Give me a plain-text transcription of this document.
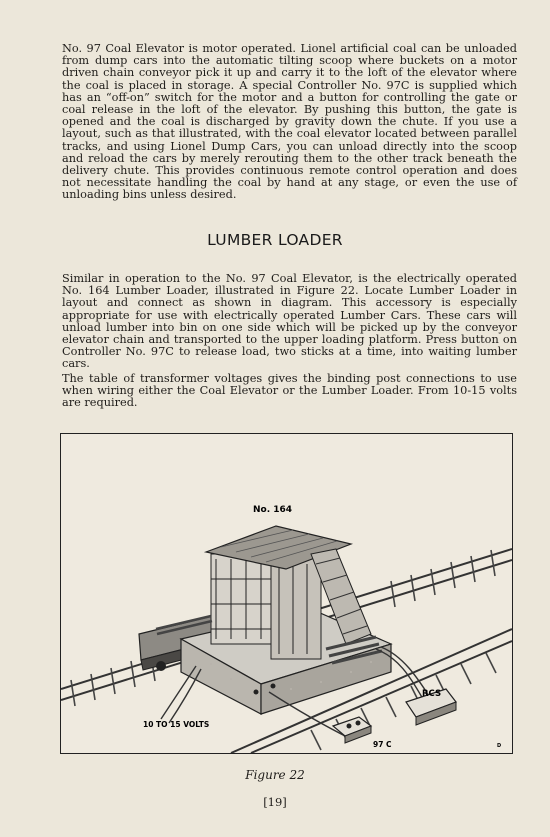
No. 97 Coal Elevator is motor operated. Lionel artificial coal can be unloaded from dump cars into the automatic tilting scoop where buckets on a motor driven chain conveyor pick it up and carry it to the loft of the elevator where the coal is placed in storage. A special Controller No. 97C is supplied which has an “off-on” switch for the motor and a button for controlling the gate or coal release in the loft of the elevator. By pushing this button, the gate is opened and the coal is discharged by gravity down the chute. If you use a layout, such as that illustrated, with the coal elevator located between parallel tracks, and using Lionel Dump Cars, you can unload directly into the scoop and reload the cars by merely rerouting them to the other track beneath the delivery chute. This provides continuous remote control operation and does not necessitate handling the coal by hand at any stage, or even the use of unloading bins unless desired.

LUMBER LOADER

Similar in operation to the No. 97 Coal Elevator, is the electrically operated No. 164 Lumber Loader, illustrated in Figure 22. Locate Lumber Loader in layout and connect as shown in diagram. This accessory is especially appropriate for use with electrically operated Lumber Cars. These cars will unload lumber into bin on one side which will be picked up by the conveyor elevator chain and transported to the upper loading platform. Press button on Controller No. 97C to release load, two sticks at a time, into waiting lumber cars.

The table of transformer voltages gives the binding post connections to use when wiring either the Coal Elevator or the Lumber Loader. From 10-15 volts are required.

No. 164
RCS
10 TO 15 VOLTS
97 C	D
Figure 22
[19]
